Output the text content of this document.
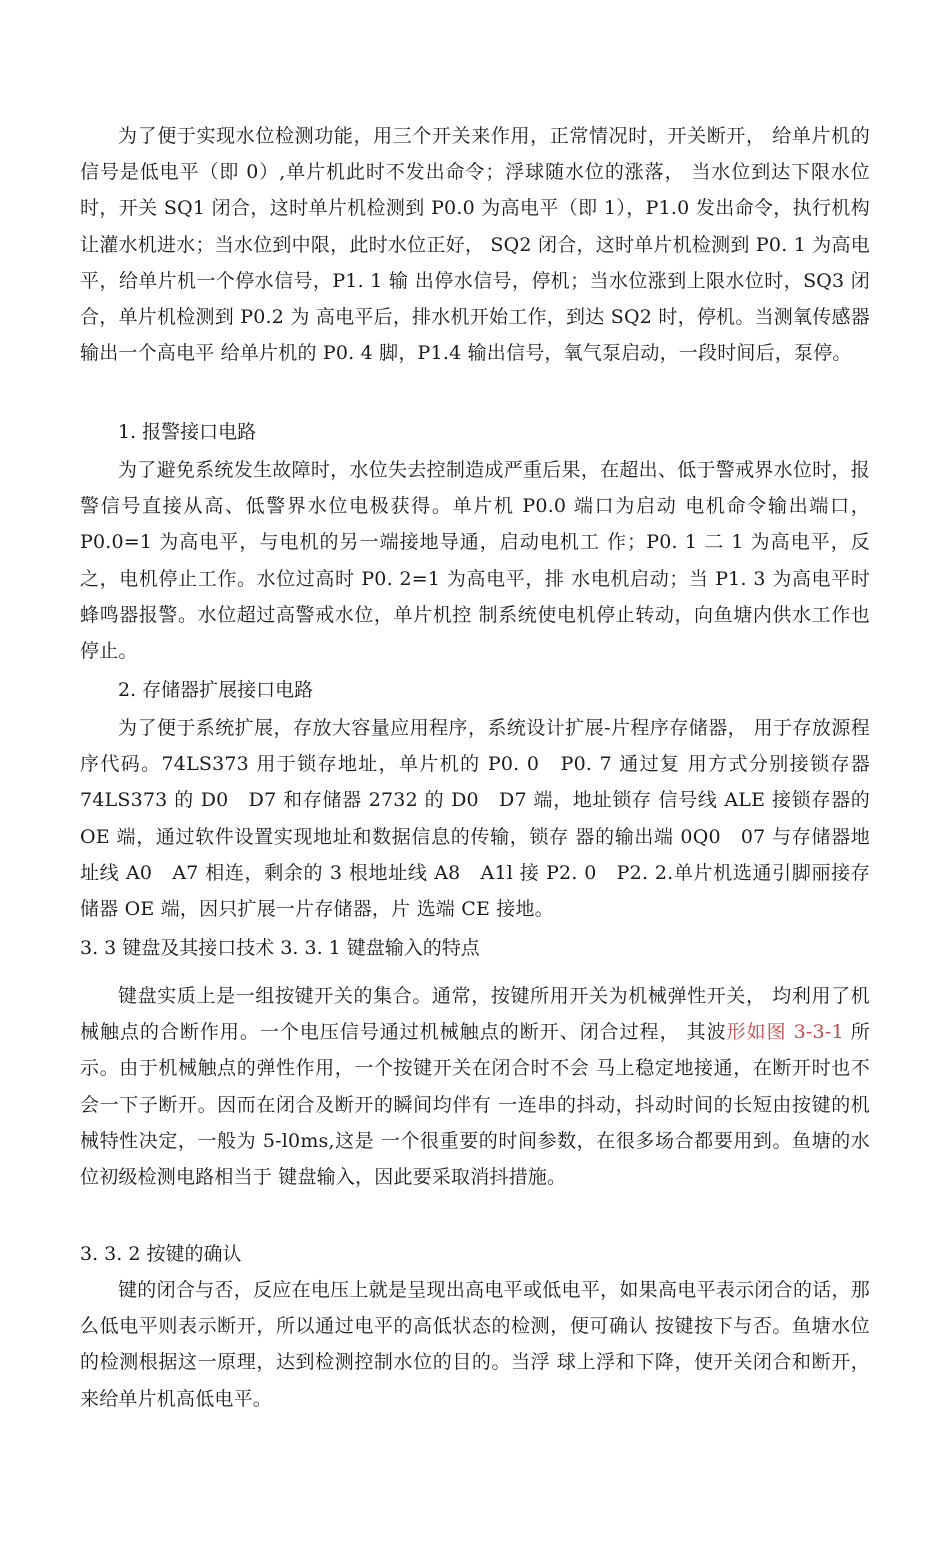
为了便于实现水位检测功能，用三个开关来作用，正常情况时，开关断开， 给单片机的信号是低电平（即 0）,单片机此时不发出命令；浮球随水位的涨落， 当水位到达下限水位时，开关 SQ1 闭合，这时单片机检测到 P0.0 为高电平（即 1），P1.0 发出命令，执行机构让灌水机进水；当水位到中限，此时水位正好， SQ2 闭合，这时单片机检测到 P0. 1 为高电平，给单片机一个停水信号，P1. 1 输 出停水信号，停机；当水位涨到上限水位时，SQ3 闭合，单片机检测到 P0.2 为 高电平后，排水机开始工作，到达 SQ2 时，停机。当测氧传感器输出一个高电平 给单片机的 P0. 4 脚，P1.4 输出信号，氧气泵启动，一段时间后，泵停。

1. 报警接口电路

为了避免系统发生故障时，水位失去控制造成严重后果，在超出、低于警戒界水位时，报警信号直接从高、低警界水位电极获得。单片机 P0.0 端口为启动 电机命令输出端口，P0.0=1 为高电平，与电机的另一端接地导通，启动电机工 作；P0. 1 二 1 为高电平，反之，电机停止工作。水位过高时 P0. 2=1 为高电平，排 水电机启动；当 P1. 3 为高电平时蜂鸣器报警。水位超过高警戒水位，单片机控 制系统使电机停止转动，向鱼塘内供水工作也停止。

2. 存储器扩展接口电路

为了便于系统扩展，存放大容量应用程序，系统设计扩展-片程序存储器， 用于存放源程序代码。74LS373 用于锁存地址，单片机的 P0. 0　P0. 7 通过复 用方式分别接锁存器 74LS373 的 D0　D7 和存储器 2732 的 D0　D7 端，地址锁存 信号线 ALE 接锁存器的 OE 端，通过软件设置实现地址和数据信息的传输，锁存 器的输出端 0Q0　07 与存储器地址线 A0　A7 相连，剩余的 3 根地址线 A8　A1l 接 P2. 0　P2. 2.单片机选通引脚丽接存储器 OE 端，因只扩展一片存储器，片 选端 CE 接地。

3. 3 键盘及其接口技术 3. 3. 1 键盘输入的特点

键盘实质上是一组按键开关的集合。通常，按键所用开关为机械弹性开关， 均利用了机械触点的合断作用。一个电压信号通过机械触点的断开、闭合过程， 其波形如图 3-3-1 所示。由于机械触点的弹性作用，一个按键开关在闭合时不会 马上稳定地接通，在断开时也不会一下子断开。因而在闭合及断开的瞬间均伴有 一连串的抖动，抖动时间的长短由按键的机械特性决定，一般为 5-l0ms,这是 一个很重要的时间参数，在很多场合都要用到。鱼塘的水位初级检测电路相当于 键盘输入，因此要采取消抖措施。

3. 3. 2 按键的确认

键的闭合与否，反应在电压上就是呈现出高电平或低电平，如果高电平表示闭合的话，那么低电平则表示断开，所以通过电平的高低状态的检测，便可确认 按键按下与否。鱼塘水位的检测根据这一原理，达到检测控制水位的目的。当浮 球上浮和下降，使开关闭合和断开，来给单片机高低电平。
